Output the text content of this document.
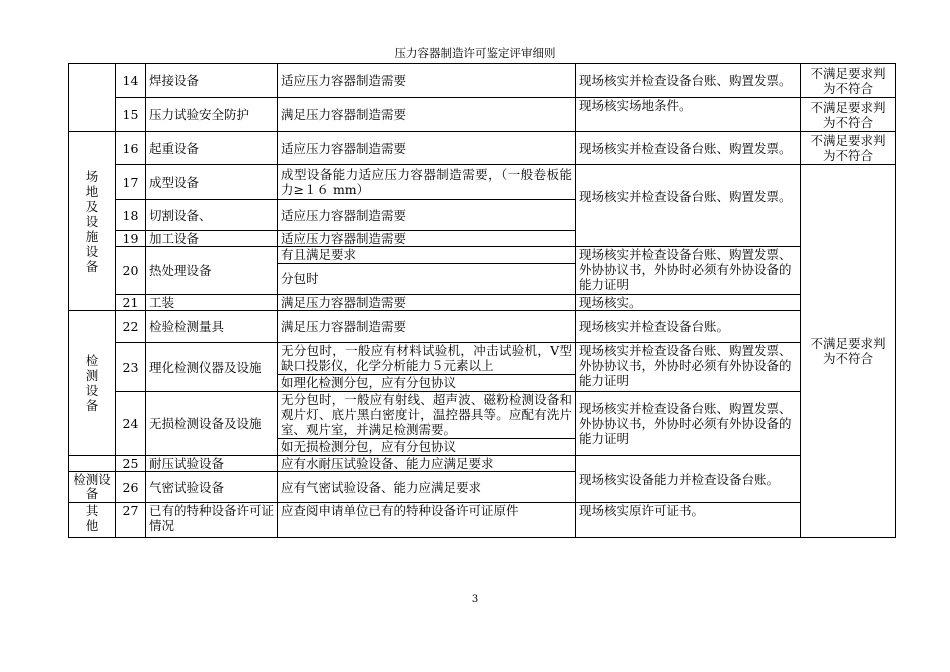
压力容器制造许可鉴定评审细则
	14	焊接设备	适应压力容器制造需要	现场核实并检查设备台账、购置发票。	不满足要求判为不符合
	15	压力试验安全防护	满足压力容器制造需要	现场核实场地条件。	不满足要求判为不符合
场地及设施设备	16	起重设备	适应压力容器制造需要	现场核实并检查设备台账、购置发票。	不满足要求判为不符合
	17	成型设备	成型设备能力适应压力容器制造需要，（一般卷板能力≥１６ mm）	现场核实并检查设备台账、购置发票。	不满足要求判为不符合
	18	切割设备、	适应压力容器制造需要		
	19	加工设备	适应压力容器制造需要		
	20	热处理设备	有且满足要求
分包时	现场核实并检查设备台账、购置发票、外协协议书，外协时必须有外协设备的能力证明	
	21	工装	满足压力容器制造需要	现场核实。	
检测设备	22	检验检测量具	满足压力容器制造需要	现场核实并检查设备台账。	
	23	理化检测仪器及设施	无分包时，一般应有材料试验机，冲击试验机，V型缺口投影仪，化学分析能力５元素以上
如理化检测分包，应有分包协议	现场核实并检查设备台账、购置发票、外协协议书，外协时必须有外协设备的能力证明	
	24	无损检测设备及设施	无分包时，一般应有射线、超声波、磁粉检测设备和观片灯、底片黑白密度计，温控器具等。应配有洗片室、观片室，并满足检测需要。
如无损检测分包，应有分包协议	现场核实并检查设备台账、购置发票、外协协议书，外协时必须有外协设备的能力证明	
	25	耐压试验设备	应有水耐压试验设备、能力应满足要求	现场核实设备能力并检查设备台账。	

检测设备	26	气密试验设备	应有气密试验设备、能力应满足要求		
其他	27	已有的特种设备许可证情况	应查阅申请单位已有的特种设备许可证原件	现场核实原许可证书。	
3
